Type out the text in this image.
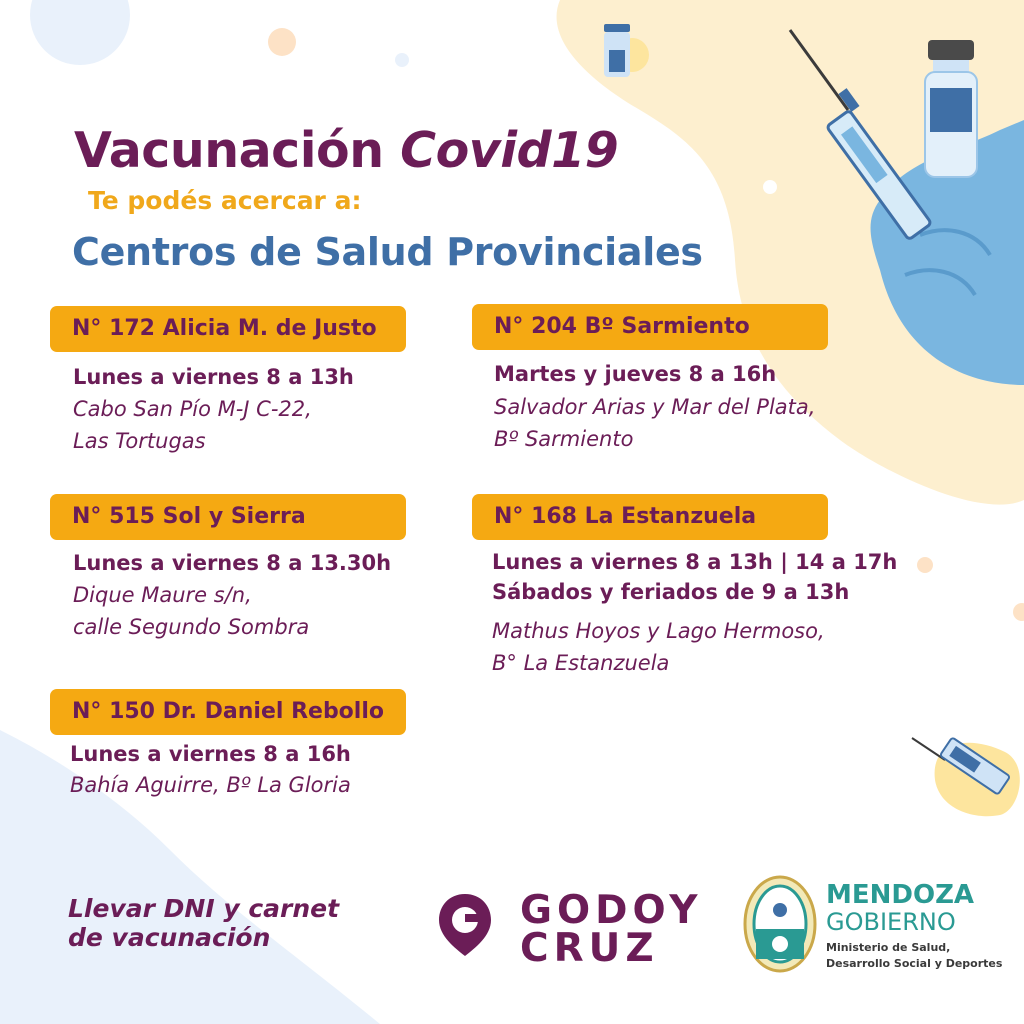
Vacunación Covid19
Te podés acercar a:
Centros de Salud Provinciales
N° 172 Alicia M. de Justo
Lunes a viernes 8 a 13h
Cabo San Pío M-J C-22,
Las Tortugas
N° 204 Bº Sarmiento
Martes y jueves 8 a 16h
Salvador Arias y Mar del Plata,
Bº Sarmiento
N° 515 Sol y Sierra
Lunes a viernes 8 a 13.30h
Dique Maure s/n,
calle Segundo Sombra
N° 168 La Estanzuela
Lunes a viernes 8 a 13h | 14 a 17h
Sábados y feriados de 9 a 13h
Mathus Hoyos y Lago Hermoso,
B° La Estanzuela
N° 150 Dr. Daniel Rebollo
Lunes a viernes 8 a 16h
Bahía Aguirre, Bº La Gloria
Llevar DNI y carnet
de vacunación
GODOY
CRUZ
MENDOZA
GOBIERNO
Ministerio de Salud,
Desarrollo Social y Deportes
